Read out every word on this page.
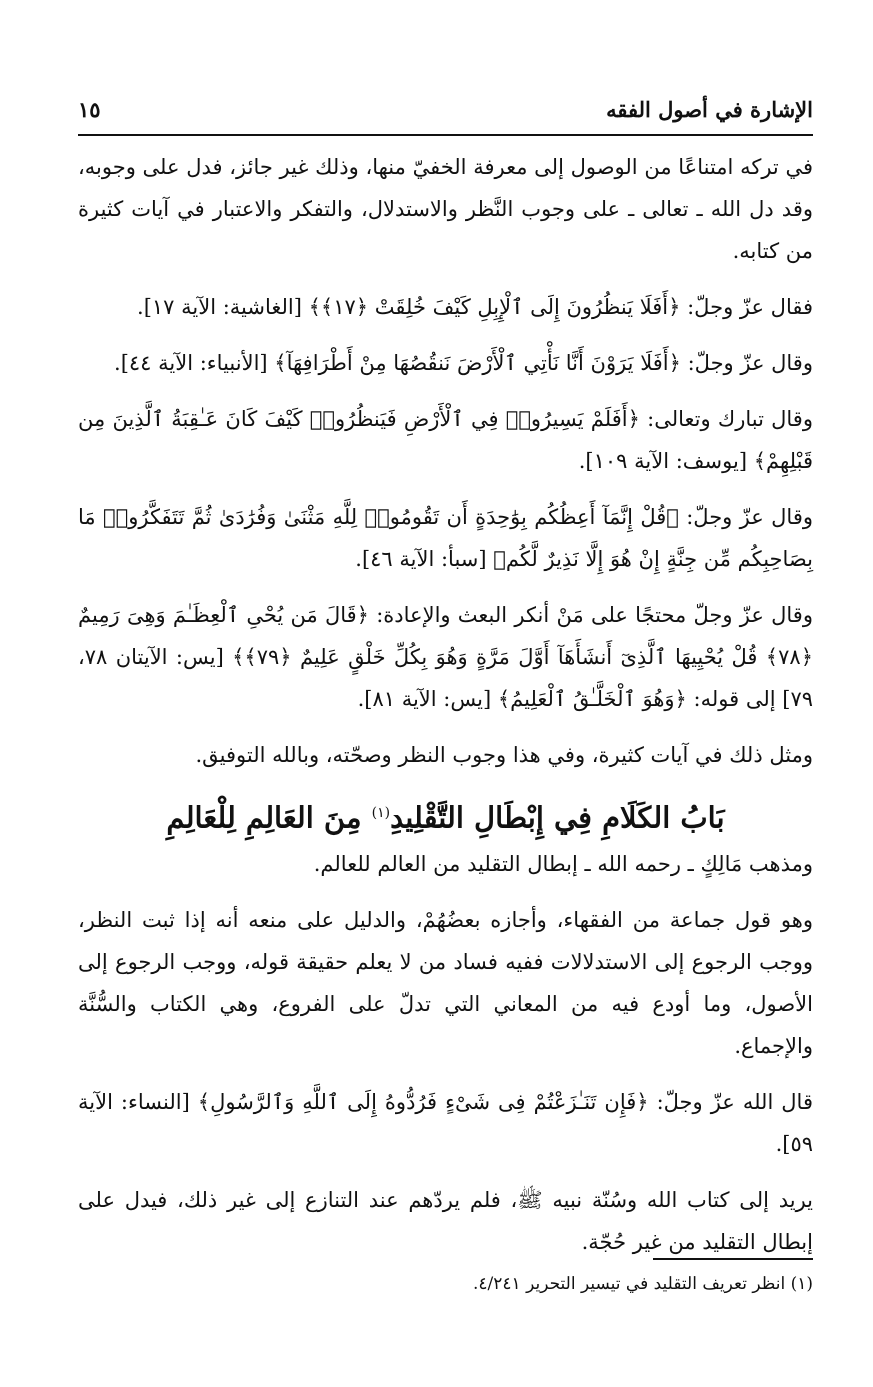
الإشارة في أصول الفقه
١٥

في تركه امتناعًا من الوصول إلى معرفة الخفيّ منها، وذلك غير جائز، فدل على وجوبه، وقد دل الله ـ تعالى ـ على وجوب النَّظر والاستدلال، والتفكر والاعتبار في آيات كثيرة من كتابه.

فقال عزّ وجلّ: ﴿أَفَلَا يَنظُرُونَ إِلَى ٱلْإِبِلِ كَيْفَ خُلِقَتْ ﴿١٧﴾﴾ [الغاشية: الآية ١٧].

وقال عزّ وجلّ: ﴿أَفَلَا يَرَوْنَ أَنَّا نَأْتِي ٱلْأَرْضَ نَنقُصُهَا مِنْ أَطْرَافِهَآ﴾ [الأنبياء: الآية ٤٤].

وقال تبارك وتعالى: ﴿أَفَلَمْ يَسِيرُوا۟ فِي ٱلْأَرْضِ فَيَنظُرُوا۟ كَيْفَ كَانَ عَـٰقِبَةُ ٱلَّذِينَ مِن قَبْلِهِمْ﴾ [يوسف: الآية ١٠٩].

وقال عزّ وجلّ: ﴿قُلْ إِنَّمَآ أَعِظُكُم بِوَٰحِدَةٍ أَن تَقُومُوا۟ لِلَّهِ مَثْنَىٰ وَفُرَٰدَىٰ ثُمَّ تَتَفَكَّرُوا۟ مَا بِصَاحِبِكُم مِّن جِنَّةٍ إِنْ هُوَ إِلَّا نَذِيرٌ لَّكُم﴾ [سبأ: الآية ٤٦].

وقال عزّ وجلّ محتجًا على مَنْ أنكر البعث والإعادة: ﴿قَالَ مَن يُحْىِ ٱلْعِظَـٰمَ وَهِىَ رَمِيمٌ ﴿٧٨﴾ قُلْ يُحْيِيهَا ٱلَّذِىٓ أَنشَأَهَآ أَوَّلَ مَرَّةٍ وَهُوَ بِكُلِّ خَلْقٍ عَلِيمٌ ﴿٧٩﴾﴾ [يس: الآيتان ٧٨، ٧٩] إلى قوله: ﴿وَهُوَ ٱلْخَلَّـٰقُ ٱلْعَلِيمُ﴾ [يس: الآية ٨١].

ومثل ذلك في آيات كثيرة، وفي هذا وجوب النظر وصحّته، وبالله التوفيق.

بَابُ الكَلَامِ فِي إِبْطَالِ التَّقْلِيدِ$^{(١)}$ مِنَ العَالِمِ لِلْعَالِمِ

ومذهب مَالِكٍ ـ رحمه الله ـ إبطال التقليد من العالم للعالم.

وهو قول جماعة من الفقهاء، وأجازه بعضُهُمْ، والدليل على منعه أنه إذا ثبت النظر، ووجب الرجوع إلى الاستدلالات ففيه فساد من لا يعلم حقيقة قوله، ووجب الرجوع إلى الأصول، وما أودع فيه من المعاني التي تدلّ على الفروع، وهي الكتاب والسُّنَّة والإجماع.

قال الله عزّ وجلّ: ﴿فَإِن تَنَـٰزَعْتُمْ فِى شَىْءٍ فَرُدُّوهُ إِلَى ٱللَّهِ وَٱلرَّسُولِ﴾ [النساء: الآية ٥٩].

يريد إلى كتاب الله وسُنّة نبيه ﷺ، فلم يردّهم عند التنازع إلى غير ذلك، فيدل على إبطال التقليد من غير حُجّة.

(١) انظر تعريف التقليد في تيسير التحرير ٤/٢٤١.
